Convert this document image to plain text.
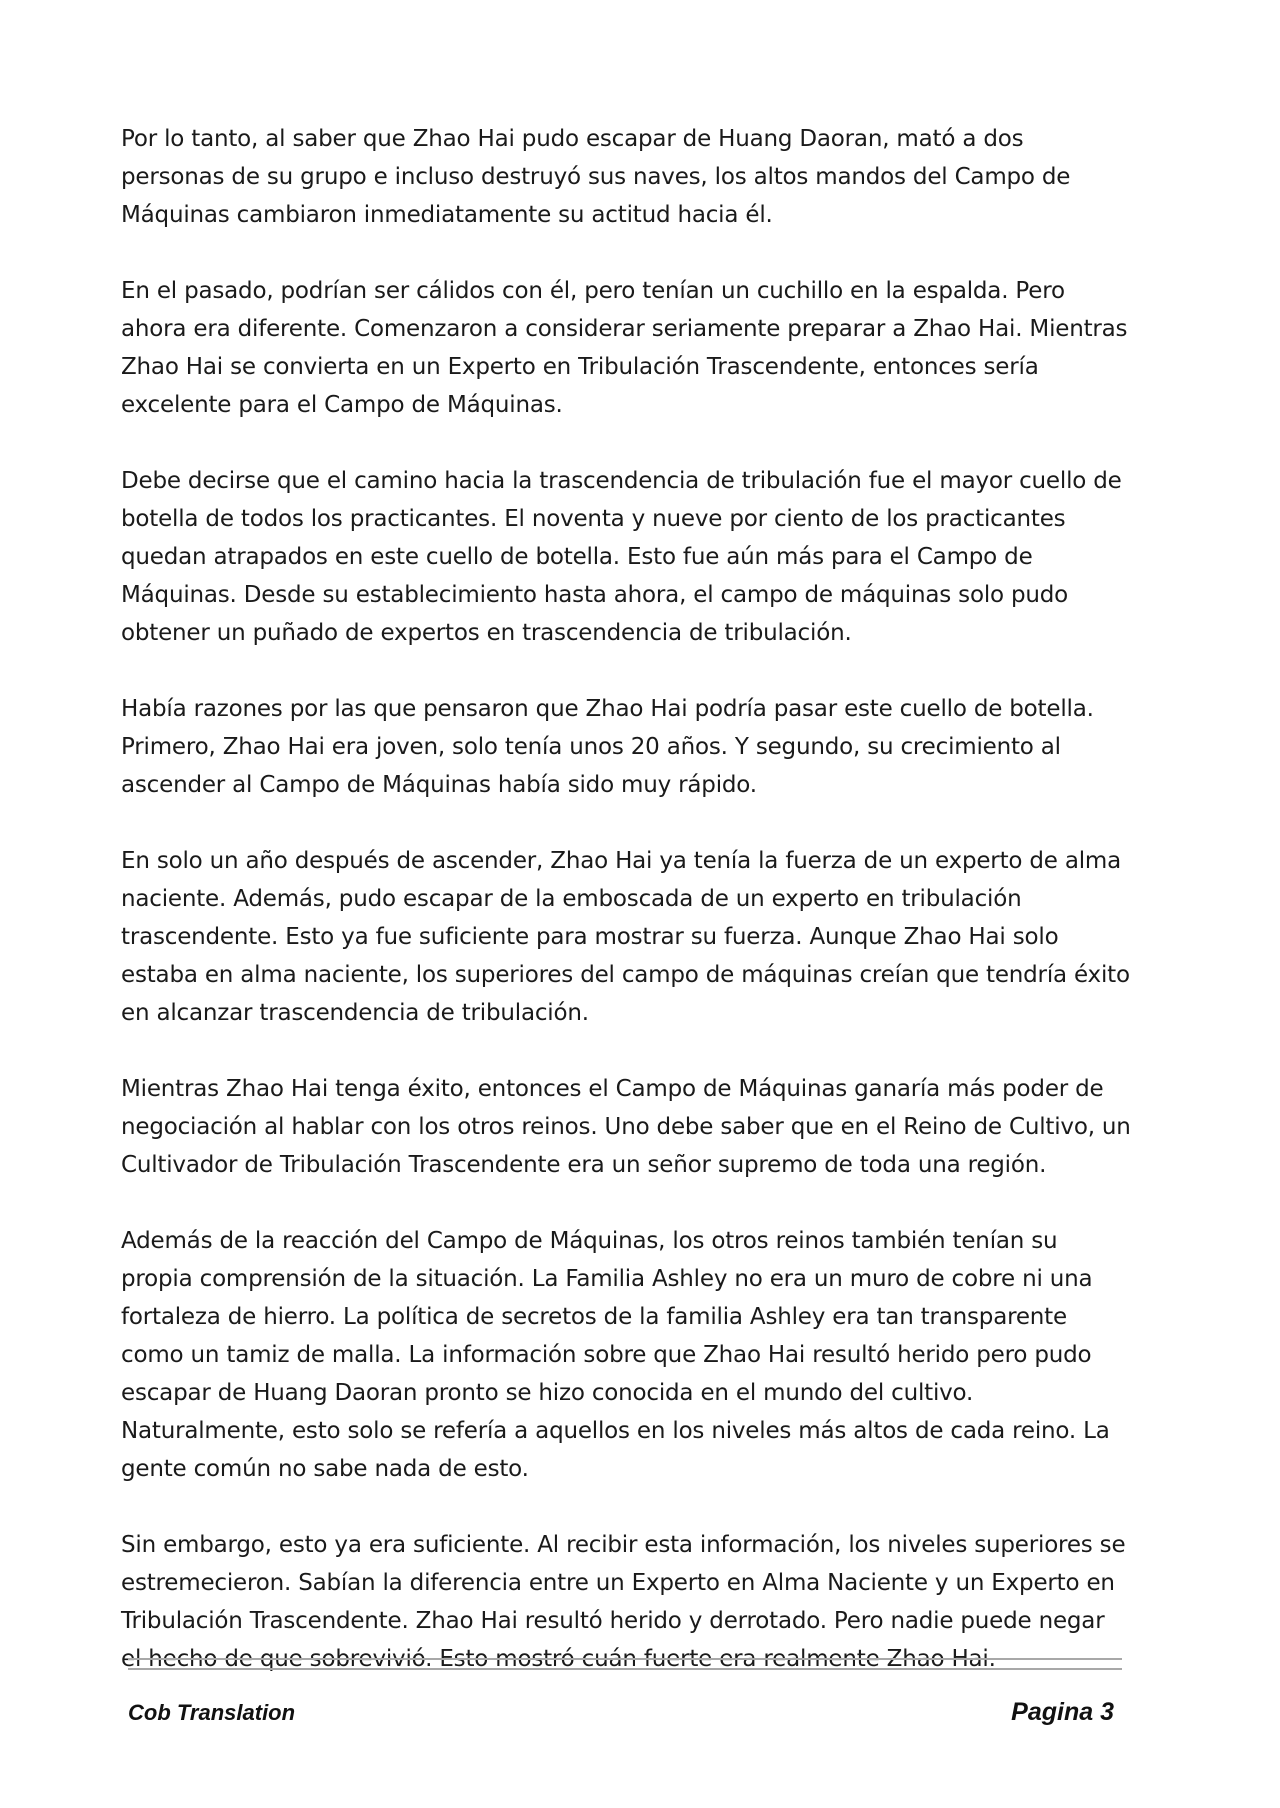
Por lo tanto, al saber que Zhao Hai pudo escapar de Huang Daoran, mató a dos personas de su grupo e incluso destruyó sus naves, los altos mandos del Campo de Máquinas cambiaron inmediatamente su actitud hacia él.

En el pasado, podrían ser cálidos con él, pero tenían un cuchillo en la espalda. Pero ahora era diferente. Comenzaron a considerar seriamente preparar a Zhao Hai. Mientras Zhao Hai se convierta en un Experto en Tribulación Trascendente, entonces sería excelente para el Campo de Máquinas.

Debe decirse que el camino hacia la trascendencia de tribulación fue el mayor cuello de botella de todos los practicantes. El noventa y nueve por ciento de los practicantes quedan atrapados en este cuello de botella. Esto fue aún más para el Campo de Máquinas. Desde su establecimiento hasta ahora, el campo de máquinas solo pudo obtener un puñado de expertos en trascendencia de tribulación.

Había razones por las que pensaron que Zhao Hai podría pasar este cuello de botella. Primero, Zhao Hai era joven, solo tenía unos 20 años. Y segundo, su crecimiento al ascender al Campo de Máquinas había sido muy rápido.

En solo un año después de ascender, Zhao Hai ya tenía la fuerza de un experto de alma naciente. Además, pudo escapar de la emboscada de un experto en tribulación trascendente. Esto ya fue suficiente para mostrar su fuerza. Aunque Zhao Hai solo estaba en alma naciente, los superiores del campo de máquinas creían que tendría éxito en alcanzar trascendencia de tribulación.

Mientras Zhao Hai tenga éxito, entonces el Campo de Máquinas ganaría más poder de negociación al hablar con los otros reinos. Uno debe saber que en el Reino de Cultivo, un Cultivador de Tribulación Trascendente era un señor supremo de toda una región.

Además de la reacción del Campo de Máquinas, los otros reinos también tenían su propia comprensión de la situación. La Familia Ashley no era un muro de cobre ni una fortaleza de hierro. La política de secretos de la familia Ashley era tan transparente como un tamiz de malla. La información sobre que Zhao Hai resultó herido pero pudo escapar de Huang Daoran pronto se hizo conocida en el mundo del cultivo. Naturalmente, esto solo se refería a aquellos en los niveles más altos de cada reino. La gente común no sabe nada de esto.

Sin embargo, esto ya era suficiente. Al recibir esta información, los niveles superiores se estremecieron. Sabían la diferencia entre un Experto en Alma Naciente y un Experto en Tribulación Trascendente. Zhao Hai resultó herido y derrotado. Pero nadie puede negar el hecho de que sobrevivió. Esto mostró cuán fuerte era realmente Zhao Hai.

Cob Translation	Pagina 3
